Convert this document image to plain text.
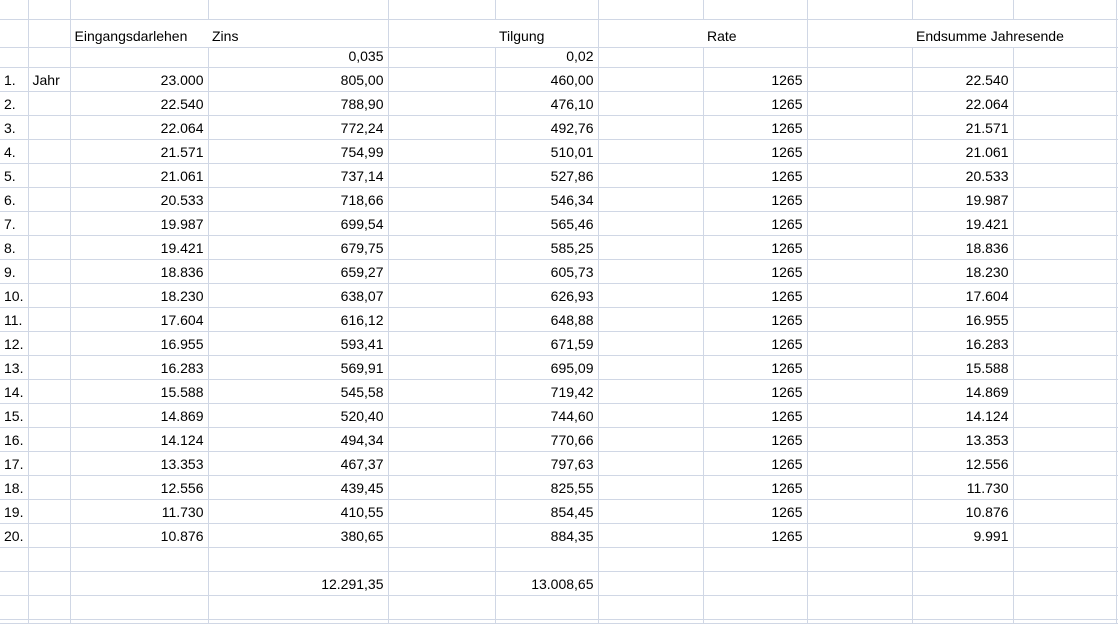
		Eingangsdarlehen	Zins		Tilgung		Rate		Endsumme Jahresende		
			0,035		0,02						
1.	Jahr	23.000	805,00		460,00		1265		22.540		
2.		22.540	788,90		476,10		1265		22.064		
3.		22.064	772,24		492,76		1265		21.571		
4.		21.571	754,99		510,01		1265		21.061		
5.		21.061	737,14		527,86		1265		20.533		
6.		20.533	718,66		546,34		1265		19.987		
7.		19.987	699,54		565,46		1265		19.421		
8.		19.421	679,75		585,25		1265		18.836		
9.		18.836	659,27		605,73		1265		18.230		
10.		18.230	638,07		626,93		1265		17.604		
11.		17.604	616,12		648,88		1265		16.955		
12.		16.955	593,41		671,59		1265		16.283		
13.		16.283	569,91		695,09		1265		15.588		
14.		15.588	545,58		719,42		1265		14.869		
15.		14.869	520,40		744,60		1265		14.124		
16.		14.124	494,34		770,66		1265		13.353		
17.		13.353	467,37		797,63		1265		12.556		
18.		12.556	439,45		825,55		1265		11.730		
19.		11.730	410,55		854,45		1265		10.876		
20.		10.876	380,65		884,35		1265		9.991		

			12.291,35		13.008,65						
